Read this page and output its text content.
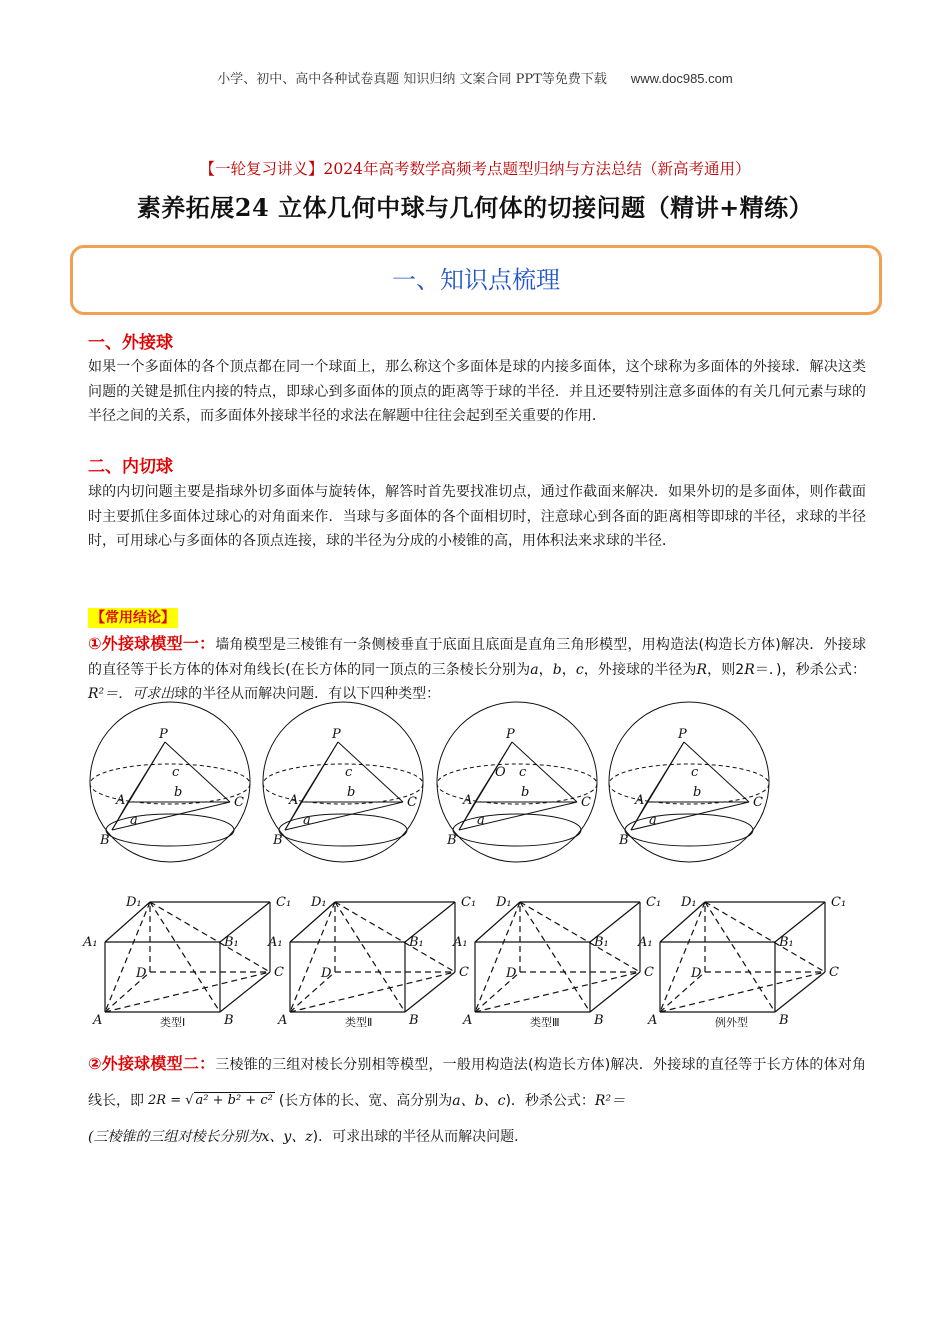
小学、初中、高中各种试卷真题 知识归纳 文案合同 PPT等免费下载 www.doc985.com
【一轮复习讲义】2024年高考数学高频考点题型归纳与方法总结（新高考通用）
素养拓展24 立体几何中球与几何体的切接问题（精讲+精练）
一、知识点梳理
一、外接球
如果一个多面体的各个顶点都在同一个球面上，那么称这个多面体是球的内接多面体，这个球称为多面体的外接球．解决这类问题的关键是抓住内接的特点，即球心到多面体的顶点的距离等于球的半径．并且还要特别注意多面体的有关几何元素与球的半径之间的关系，而多面体外接球半径的求法在解题中往往会起到至关重要的作用．
二、内切球
球的内切问题主要是指球外切多面体与旋转体，解答时首先要找准切点，通过作截面来解决．如果外切的是多面体，则作截面时主要抓住多面体过球心的对角面来作．当球与多面体的各个面相切时，注意球心到各面的距离相等即球的半径，求球的半径时，可用球心与多面体的各顶点连接，球的半径为分成的小棱锥的高，用体积法来求球的半径．
【常用结论】
①外接球模型一：墙角模型是三棱锥有一条侧棱垂直于底面且底面是直角三角形模型，用构造法(构造长方体)解决．外接球的直径等于长方体的体对角线长(在长方体的同一顶点的三条棱长分别为a，b，c，外接球的半径为R，则2R＝．)，秒杀公式：R²＝．可求出球的半径从而解决问题．有以下四种类型：
P
A
B
C
a
b
c
P
A
B
C
a
b
c
P
A
B
C
a
b
c
O
P
A
B
C
a
b
c
D₁	C₁
A₁	B₁
D	C
A	B
类型Ⅰ
D₁	C₁
A₁	B₁
D	C
A	B
类型Ⅱ
D₁	C₁
A₁	B₁
D	C
A	B
类型Ⅲ
D₁	C₁
A₁	B₁
D	C
A	B
例外型
②外接球模型二：三棱锥的三组对棱长分别相等模型，一般用构造法(构造长方体)解决．外接球的直径等于长方体的体对角线长，即 2R = √ a² + b² + c² (长方体的长、宽、高分别为a、b、c)．秒杀公式：R²＝
(三棱锥的三组对棱长分别为x、y、z)．可求出球的半径从而解决问题．
